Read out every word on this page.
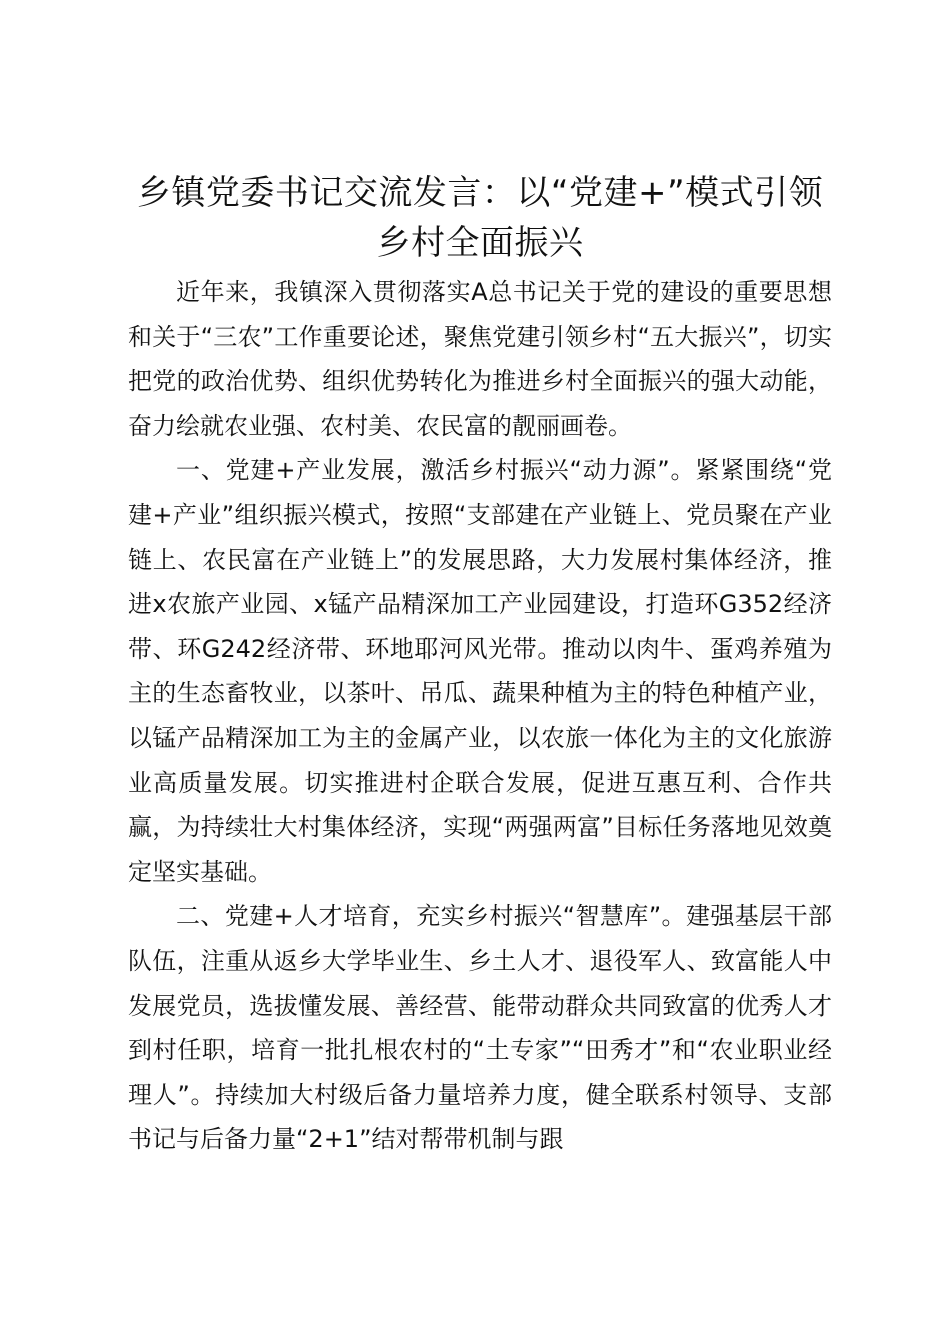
乡镇党委书记交流发言：以“党建+”模式引领
乡村全面振兴

近年来，我镇深入贯彻落实A总书记关于党的建设的重要思想和关于“三农”工作重要论述，聚焦党建引领乡村“五大振兴”，切实把党的政治优势、组织优势转化为推进乡村全面振兴的强大动能，奋力绘就农业强、农村美、农民富的靓丽画卷。

一、党建+产业发展，激活乡村振兴“动力源”。紧紧围绕“党建+产业”组织振兴模式，按照“支部建在产业链上、党员聚在产业链上、农民富在产业链上”的发展思路，大力发展村集体经济，推进x农旅产业园、x锰产品精深加工产业园建设，打造环G352经济带、环G242经济带、环地耶河风光带。推动以肉牛、蛋鸡养殖为主的生态畜牧业，以茶叶、吊瓜、蔬果种植为主的特色种植产业，以锰产品精深加工为主的金属产业，以农旅一体化为主的文化旅游业高质量发展。切实推进村企联合发展，促进互惠互利、合作共赢，为持续壮大村集体经济，实现“两强两富”目标任务落地见效奠定坚实基础。

二、党建+人才培育，充实乡村振兴“智慧库”。建强基层干部队伍，注重从返乡大学毕业生、乡土人才、退役军人、致富能人中发展党员，选拔懂发展、善经营、能带动群众共同致富的优秀人才到村任职，培育一批扎根农村的“土专家”“田秀才”和“农业职业经理人”。持续加大村级后备力量培养力度，健全联系村领导、支部书记与后备力量“2+1”结对帮带机制与跟
